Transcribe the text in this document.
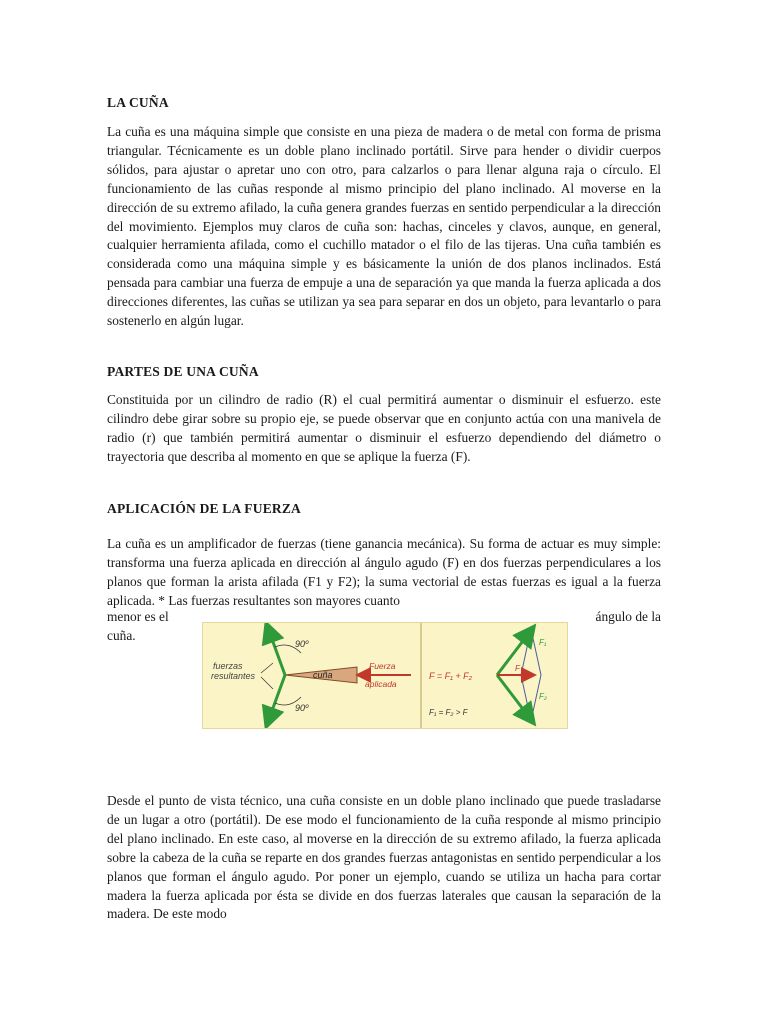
LA CUÑA

La cuña es una máquina simple que consiste en una pieza de madera o de metal con forma de prisma triangular. Técnicamente es un doble plano inclinado portátil. Sirve para hender o dividir cuerpos sólidos, para ajustar o apretar uno con otro, para calzarlos o para llenar alguna raja o círculo. El funcionamiento de las cuñas responde al mismo principio del plano inclinado. Al moverse en la dirección de su extremo afilado, la cuña genera grandes fuerzas en sentido perpendicular a la dirección del movimiento. Ejemplos muy claros de cuña son: hachas, cinceles y clavos, aunque, en general, cualquier herramienta afilada, como el cuchillo matador o el filo de las tijeras. Una cuña también es considerada como una máquina simple y es básicamente la unión de dos planos inclinados. Está pensada para cambiar una fuerza de empuje a una de separación ya que manda la fuerza aplicada a dos direcciones diferentes, las cuñas se utilizan ya sea para separar en dos un objeto, para levantarlo o para sostenerlo en algún lugar.

PARTES DE UNA CUÑA

Constituida por un cilindro de radio (R) el cual permitirá aumentar o disminuir el esfuerzo. este cilindro debe girar sobre su propio eje, se puede observar que en conjunto actúa con una manivela de radio (r) que también permitirá aumentar o disminuir el esfuerzo dependiendo del diámetro o trayectoria que describa al momento en que se aplique la fuerza (F).

APLICACIÓN DE LA FUERZA

La cuña es un amplificador de fuerzas (tiene ganancia mecánica). Su forma de actuar es muy simple: transforma una fuerza aplicada en dirección al ángulo agudo (F) en dos fuerzas perpendiculares a los planos que forman la arista afilada (F1 y F2); la suma vectorial de estas fuerzas es igual a la fuerza aplicada. * Las fuerzas resultantes son mayores cuanto

menor es el	ángulo de la
cuña.
fuerzas
resultantes
90º
90º
cuña
Fuerza
aplicada
F = F₁ + F₂
F₁ = F₂ > F
F₁
F₂
F

Desde el punto de vista técnico, una cuña consiste en un doble plano inclinado que puede trasladarse de un lugar a otro (portátil). De ese modo el funcionamiento de la cuña responde al mismo principio del plano inclinado. En este caso, al moverse en la dirección de su extremo afilado, la fuerza aplicada sobre la cabeza de la cuña se reparte en dos grandes fuerzas antagonistas en sentido perpendicular a los planos que forman el ángulo agudo. Por poner un ejemplo, cuando se utiliza un hacha para cortar madera la fuerza aplicada por ésta se divide en dos fuerzas laterales que causan la separación de la madera. De este modo
